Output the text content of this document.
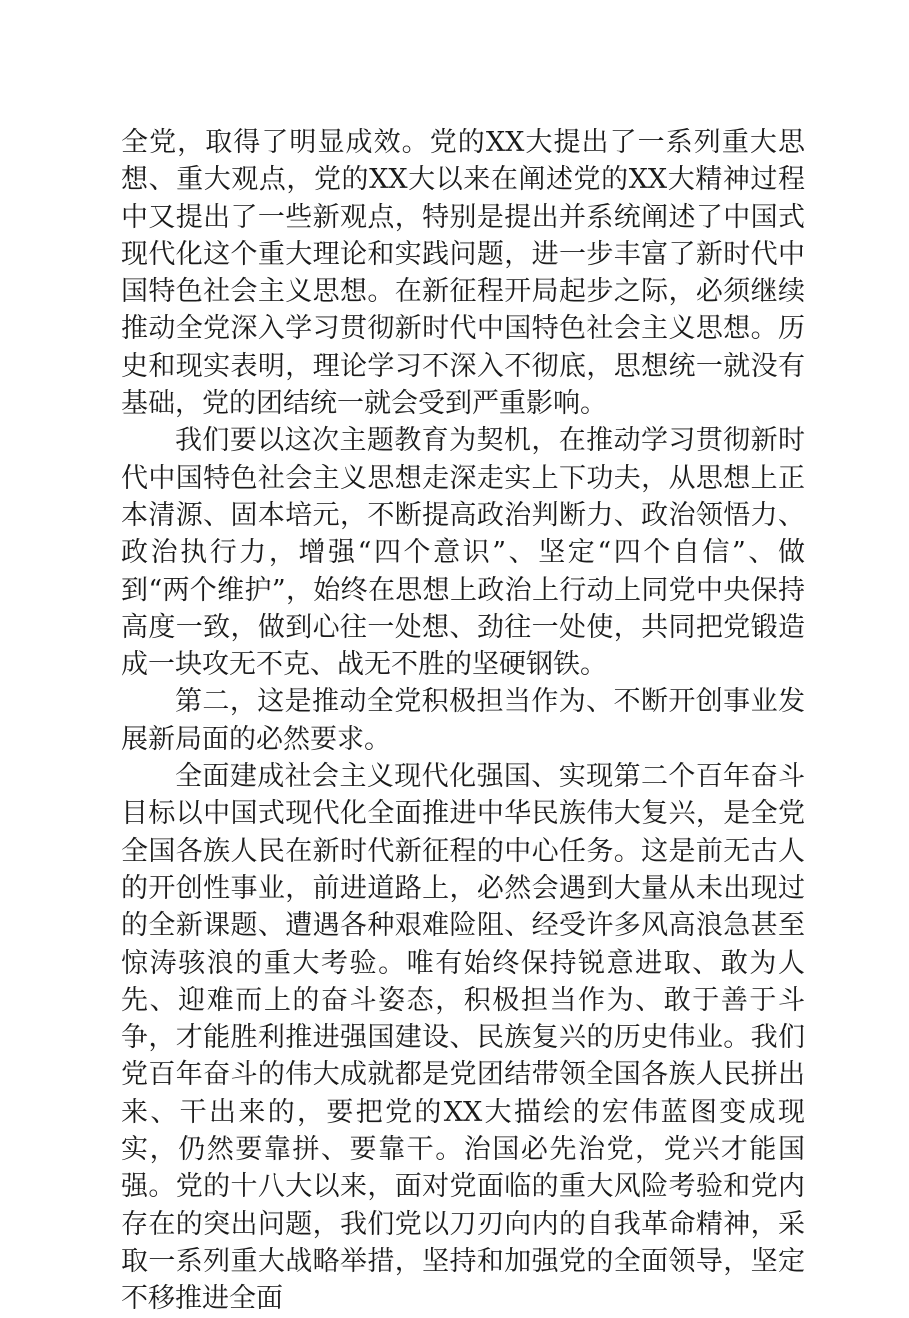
全党，取得了明显成效。党的XX大提出了一系列重大思想、重大观点，党的XX大以来在阐述党的XX大精神过程中又提出了一些新观点，特别是提出并系统阐述了中国式现代化这个重大理论和实践问题，进一步丰富了新时代中国特色社会主义思想。在新征程开局起步之际，必须继续推动全党深入学习贯彻新时代中国特色社会主义思想。历史和现实表明，理论学习不深入不彻底，思想统一就没有基础，党的团结统一就会受到严重影响。

我们要以这次主题教育为契机，在推动学习贯彻新时代中国特色社会主义思想走深走实上下功夫，从思想上正本清源、固本培元，不断提高政治判断力、政治领悟力、政治执行力，增强“四个意识”、坚定“四个自信”、做到“两个维护”，始终在思想上政治上行动上同党中央保持高度一致，做到心往一处想、劲往一处使，共同把党锻造成一块攻无不克、战无不胜的坚硬钢铁。

第二，这是推动全党积极担当作为、不断开创事业发展新局面的必然要求。

全面建成社会主义现代化强国、实现第二个百年奋斗目标以中国式现代化全面推进中华民族伟大复兴，是全党全国各族人民在新时代新征程的中心任务。这是前无古人的开创性事业，前进道路上，必然会遇到大量从未出现过的全新课题、遭遇各种艰难险阻、经受许多风高浪急甚至惊涛骇浪的重大考验。唯有始终保持锐意进取、敢为人先、迎难而上的奋斗姿态，积极担当作为、敢于善于斗争，才能胜利推进强国建设、民族复兴的历史伟业。我们党百年奋斗的伟大成就都是党团结带领全国各族人民拼出来、干出来的，要把党的XX大描绘的宏伟蓝图变成现实，仍然要靠拼、要靠干。治国必先治党，党兴才能国强。党的十八大以来，面对党面临的重大风险考验和党内存在的突出问题，我们党以刀刃向内的自我革命精神，采取一系列重大战略举措，坚持和加强党的全面领导，坚定不移推进全面
